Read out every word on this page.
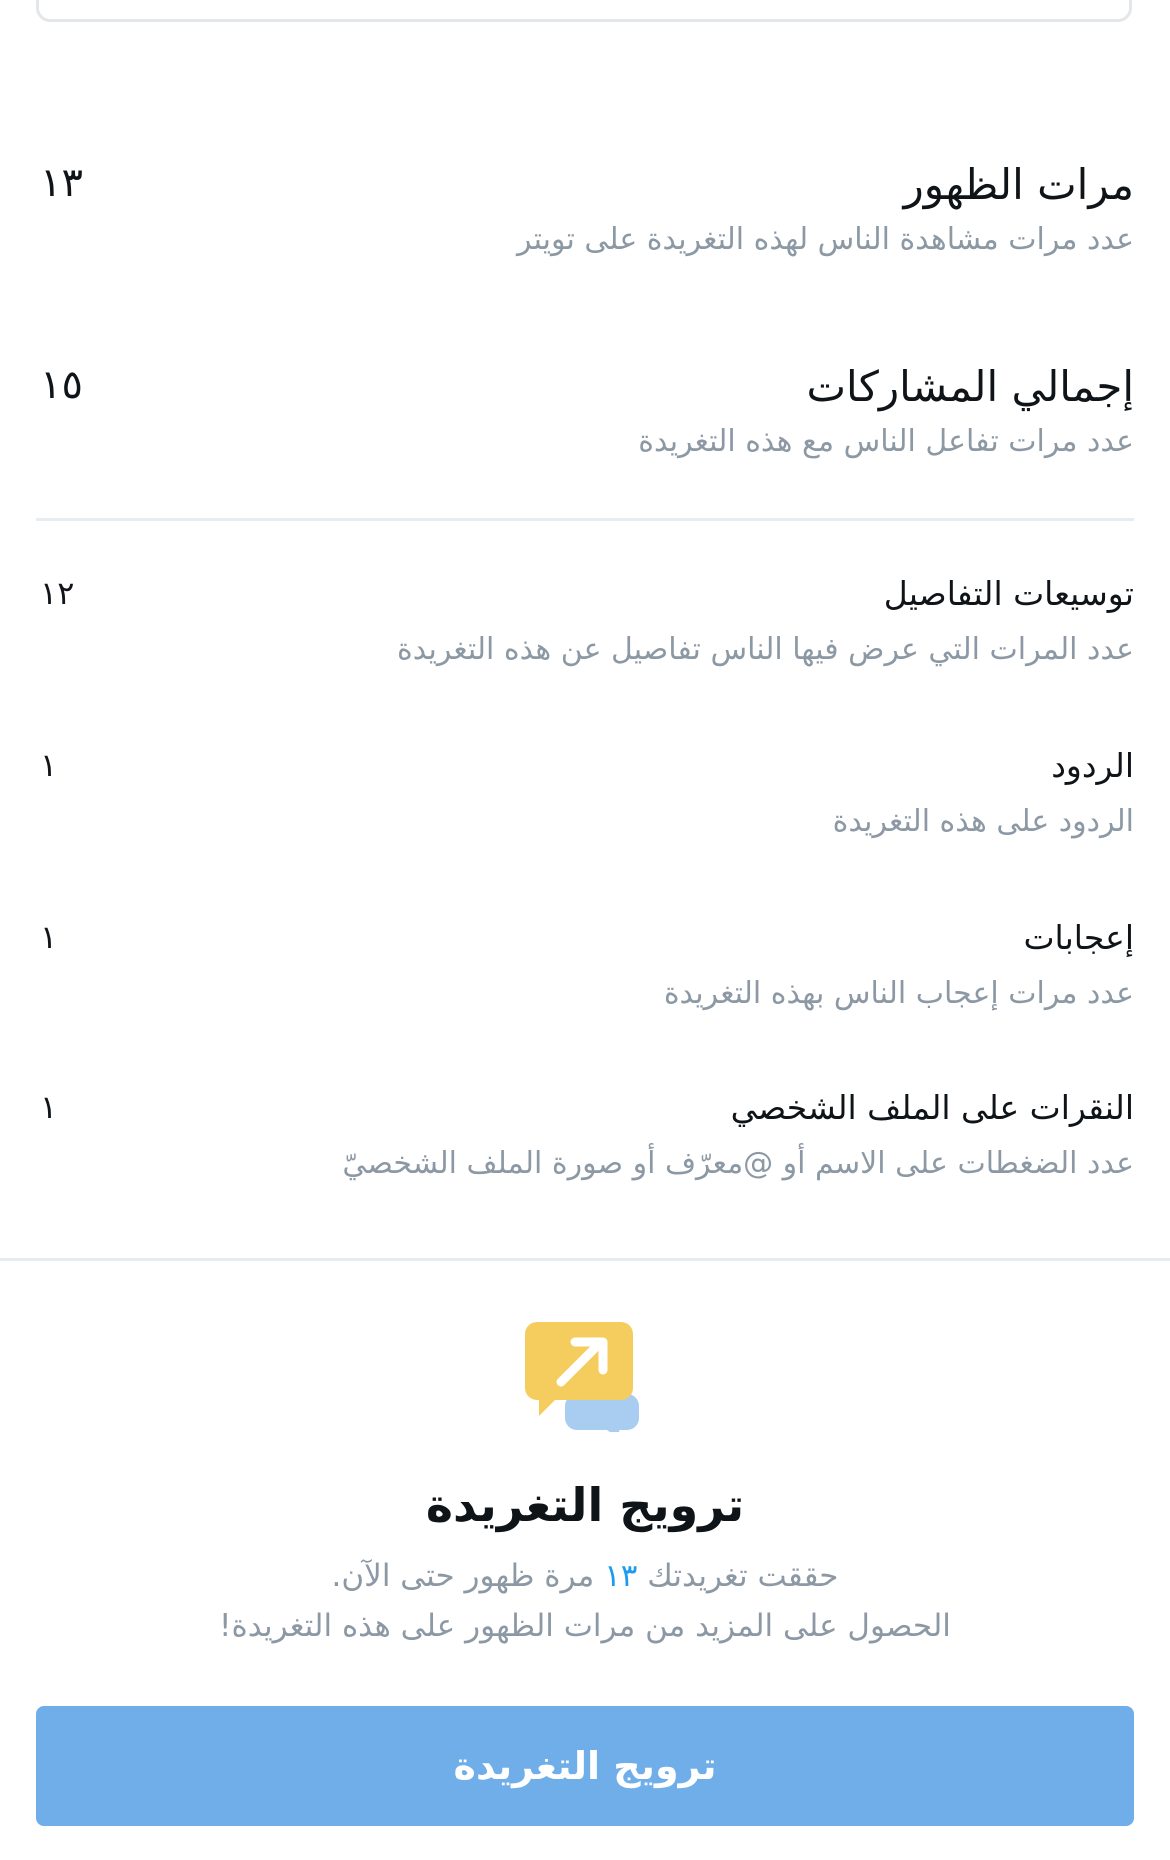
مرات الظهور
عدد مرات مشاهدة الناس لهذه التغريدة على تويتر
١٣
إجمالي المشاركات
عدد مرات تفاعل الناس مع هذه التغريدة
١٥
توسيعات التفاصيل
عدد المرات التي عرض فيها الناس تفاصيل عن هذه التغريدة
١٢
الردود
الردود على هذه التغريدة
١
إعجابات
عدد مرات إعجاب الناس بهذه التغريدة
١
النقرات على الملف الشخصي
عدد الضغطات على الاسم أو @معرّف أو صورة الملف الشخصيّ
١
ترويج التغريدة
حققت تغريدتك ١٣ مرة ظهور حتى الآن.
الحصول على المزيد من مرات الظهور على هذه التغريدة!
ترويج التغريدة
